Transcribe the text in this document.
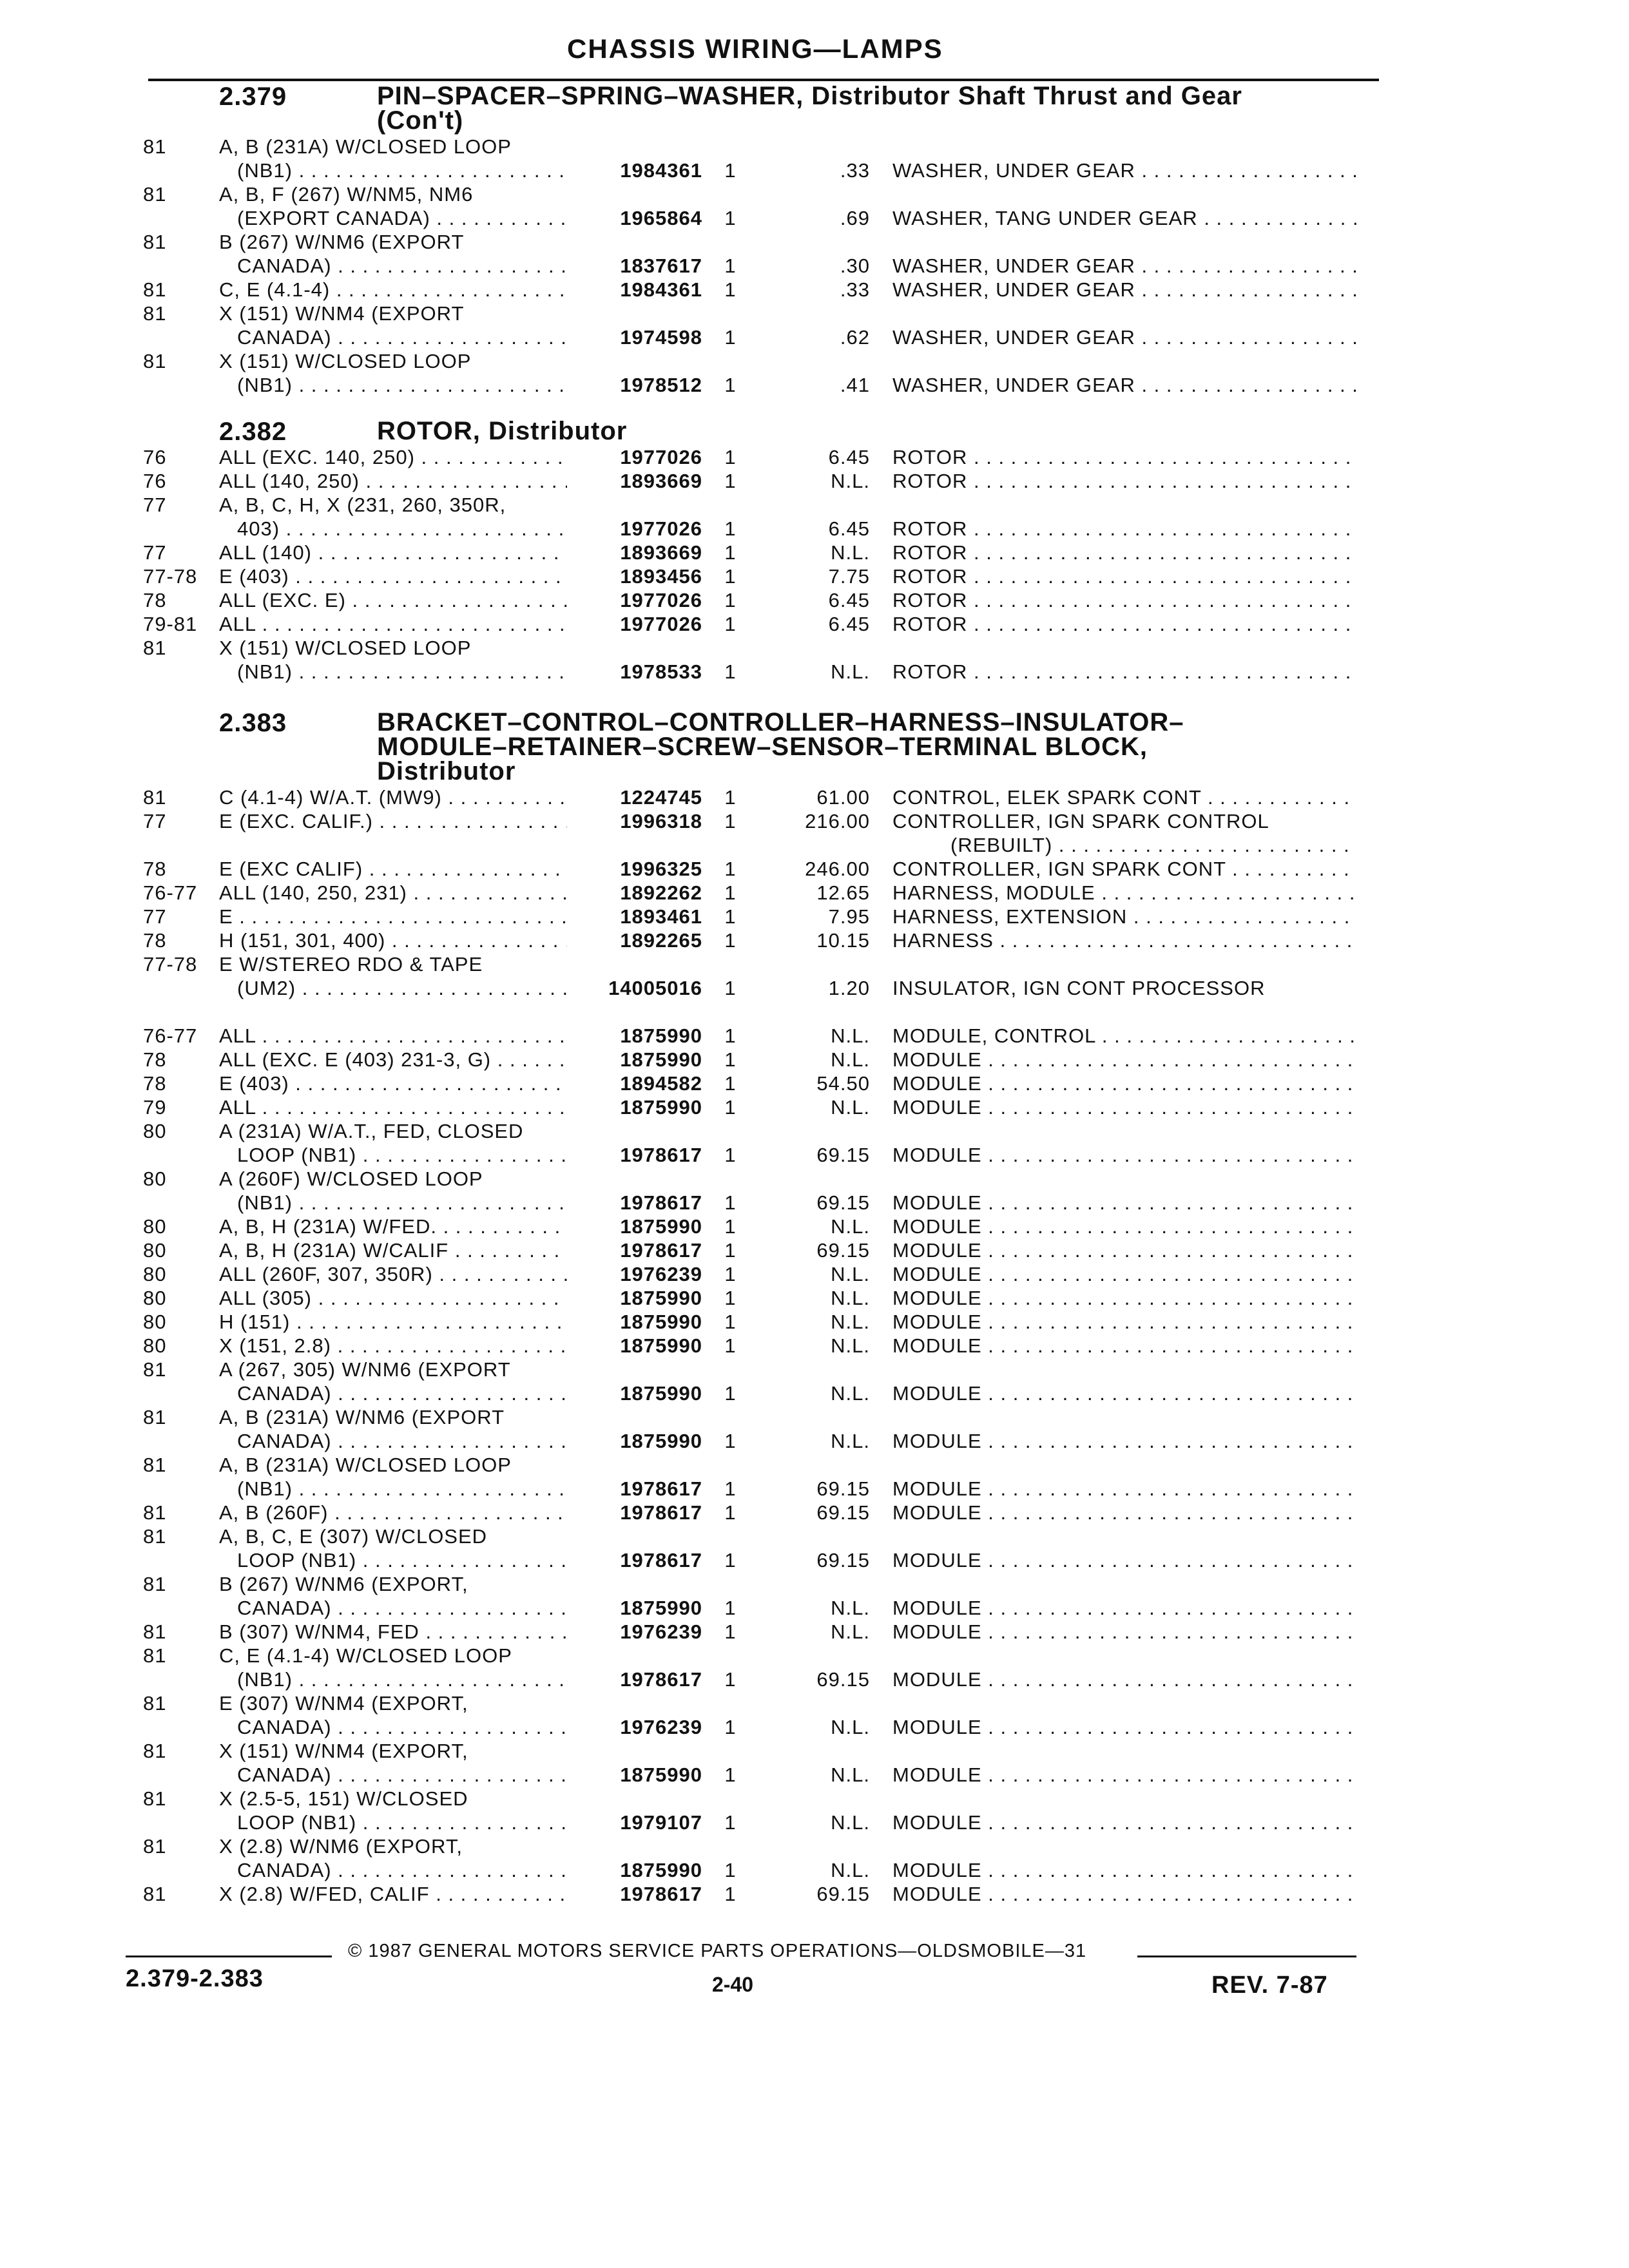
CHASSIS WIRING—LAMPS
2.379	PIN–SPACER–SPRING–WASHER, Distributor Shaft Thrust and Gear
(Con't)
81	A, B (231A) W/CLOSED LOOP
(NB1) . . .	1984361 1	.33 WASHER, UNDER GEAR . . .
81	A, B, F (267) W/NM5, NM6
(EXPORT CANADA) . . .	1965864 1	.69 WASHER, TANG UNDER GEAR . . .
81	B (267) W/NM6 (EXPORT
CANADA) . . .	1837617 1	.30 WASHER, UNDER GEAR . . .
81	C, E (4.1-4) . . .	1984361 1	.33 WASHER, UNDER GEAR . . .
81	X (151) W/NM4 (EXPORT
CANADA) . . .	1974598 1	.62 WASHER, UNDER GEAR . . .
81	X (151) W/CLOSED LOOP
(NB1) . . .	1978512 1	.41 WASHER, UNDER GEAR . . .
2.382	ROTOR, Distributor
76	ALL (EXC. 140, 250) . . .	1977026 1	6.45 ROTOR . . .
76	ALL (140, 250) . . .	1893669 1	N.L. ROTOR . . .
77	A, B, C, H, X (231, 260, 350R,
403) . . .	1977026 1	6.45 ROTOR . . .
77	ALL (140) . . .	1893669 1	N.L. ROTOR . . .
77-78	E (403) . . .	1893456 1	7.75 ROTOR . . .
78	ALL (EXC. E) . . .	1977026 1	6.45 ROTOR . . .
79-81	ALL . . .	1977026 1	6.45 ROTOR . . .
81	X (151) W/CLOSED LOOP
(NB1) . . .	1978533 1	N.L. ROTOR . . .
2.383	BRACKET–CONTROL–CONTROLLER–HARNESS–INSULATOR–
MODULE–RETAINER–SCREW–SENSOR–TERMINAL BLOCK,
Distributor
81	C (4.1-4) W/A.T. (MW9) . . .	1224745 1	61.00 CONTROL, ELEK SPARK CONT . . .
77	E (EXC. CALIF.) . . .	1996318 1	216.00 CONTROLLER, IGN SPARK CONTROL
(REBUILT) . . .
78	E (EXC CALIF) . . .	1996325 1	246.00 CONTROLLER, IGN SPARK CONT . . .
76-77	ALL (140, 250, 231) . . .	1892262 1	12.65 HARNESS, MODULE . . .
77	E . . .	1893461 1	7.95 HARNESS, EXTENSION . . .
78	H (151, 301, 400) . . .	1892265 1	10.15 HARNESS . . .
77-78	E W/STEREO RDO & TAPE
(UM2) . . .	14005016 1	1.20 INSULATOR, IGN CONT PROCESSOR
76-77	ALL . . .	1875990 1	N.L. MODULE, CONTROL . . .
78	ALL (EXC. E (403) 231-3, G) . . .	1875990 1	N.L. MODULE . . .
78	E (403) . . .	1894582 1	54.50 MODULE . . .
79	ALL . . .	1875990 1	N.L. MODULE . . .
80	A (231A) W/A.T., FED, CLOSED
LOOP (NB1) . . .	1978617 1	69.15 MODULE . . .
80	A (260F) W/CLOSED LOOP
(NB1) . . .	1978617 1	69.15 MODULE . . .
80	A, B, H (231A) W/FED. . . .	1875990 1	N.L. MODULE . . .
80	A, B, H (231A) W/CALIF . . .	1978617 1	69.15 MODULE . . .
80	ALL (260F, 307, 350R) . . .	1976239 1	N.L. MODULE . . .
80	ALL (305) . . .	1875990 1	N.L. MODULE . . .
80	H (151) . . .	1875990 1	N.L. MODULE . . .
80	X (151, 2.8) . . .	1875990 1	N.L. MODULE . . .
81	A (267, 305) W/NM6 (EXPORT
CANADA) . . .	1875990 1	N.L. MODULE . . .
81	A, B (231A) W/NM6 (EXPORT
CANADA) . . .	1875990 1	N.L. MODULE . . .
81	A, B (231A) W/CLOSED LOOP
(NB1) . . .	1978617 1	69.15 MODULE . . .
81	A, B (260F) . . .	1978617 1	69.15 MODULE . . .
81	A, B, C, E (307) W/CLOSED
LOOP (NB1) . . .	1978617 1	69.15 MODULE . . .
81	B (267) W/NM6 (EXPORT,
CANADA) . . .	1875990 1	N.L. MODULE . . .
81	B (307) W/NM4, FED . . .	1976239 1	N.L. MODULE . . .
81	C, E (4.1-4) W/CLOSED LOOP
(NB1) . . .	1978617 1	69.15 MODULE . . .
81	E (307) W/NM4 (EXPORT,
CANADA) . . .	1976239 1	N.L. MODULE . . .
81	X (151) W/NM4 (EXPORT,
CANADA) . . .	1875990 1	N.L. MODULE . . .
81	X (2.5-5, 151) W/CLOSED
LOOP (NB1) . . .	1979107 1	N.L. MODULE . . .
81	X (2.8) W/NM6 (EXPORT,
CANADA) . . .	1875990 1	N.L. MODULE . . .
81	X (2.8) W/FED, CALIF . . .	1978617 1	69.15 MODULE . . .
© 1987 GENERAL MOTORS SERVICE PARTS OPERATIONS—OLDSMOBILE—31
2.379-2.383	2-40	REV. 7-87
